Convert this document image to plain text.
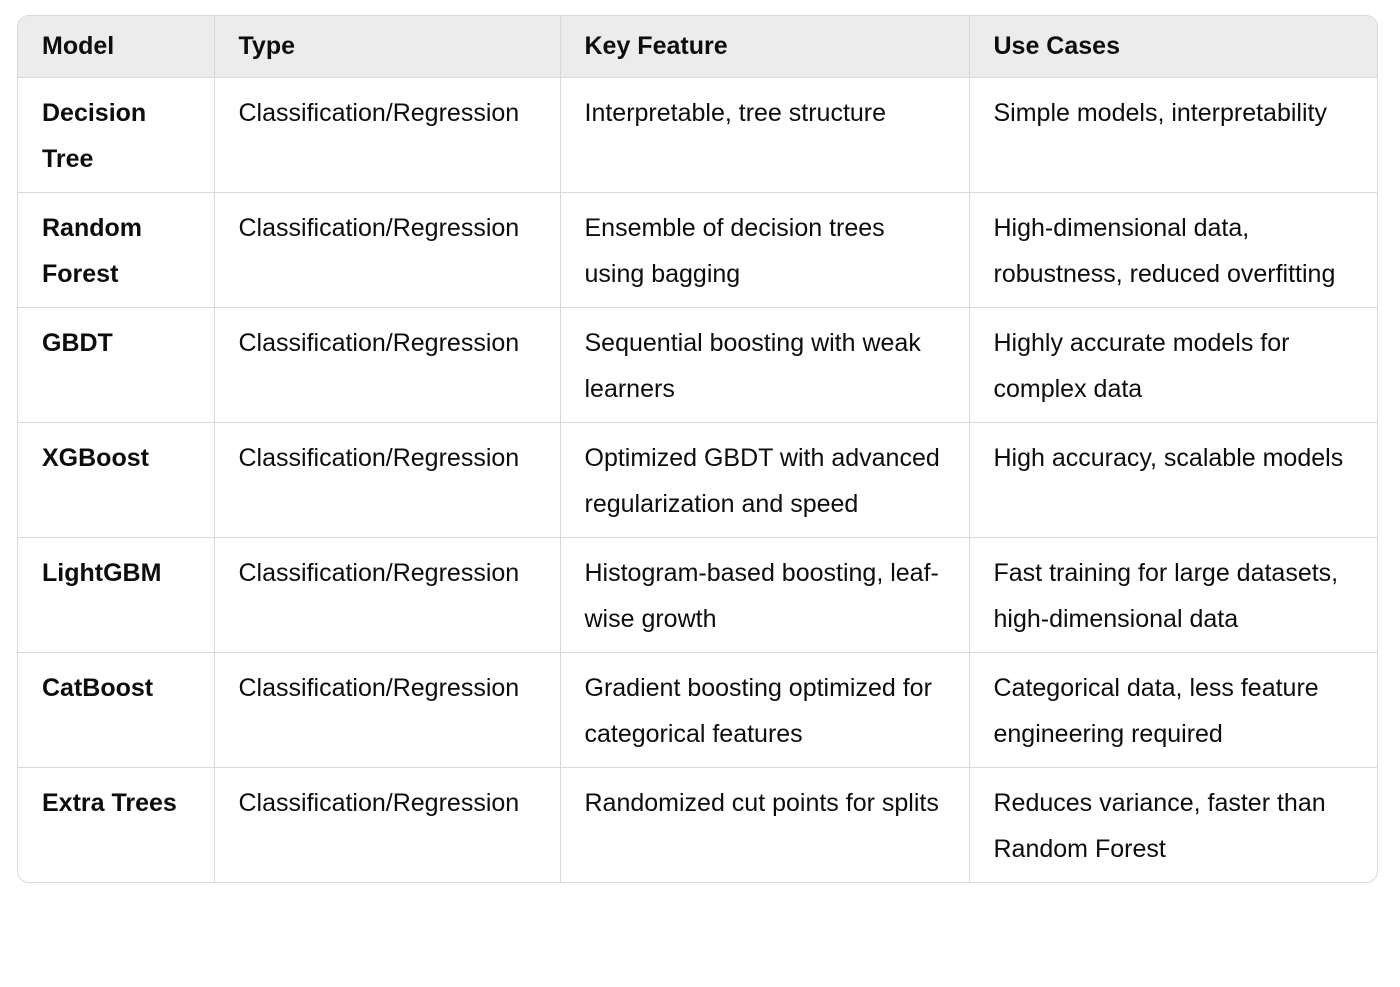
Model	Type	Key Feature	Use Cases
Decision Tree	Classification/Regression	Interpretable, tree structure	Simple models, interpretability
Random Forest	Classification/Regression	Ensemble of decision trees using bagging	High-dimensional data, robustness, reduced overfitting
GBDT	Classification/Regression	Sequential boosting with weak learners	Highly accurate models for complex data
XGBoost	Classification/Regression	Optimized GBDT with advanced regularization and speed	High accuracy, scalable models
LightGBM	Classification/Regression	Histogram-based boosting, leaf-wise growth	Fast training for large datasets, high-dimensional data
CatBoost	Classification/Regression	Gradient boosting optimized for categorical features	Categorical data, less feature engineering required
Extra Trees	Classification/Regression	Randomized cut points for splits	Reduces variance, faster than Random Forest
